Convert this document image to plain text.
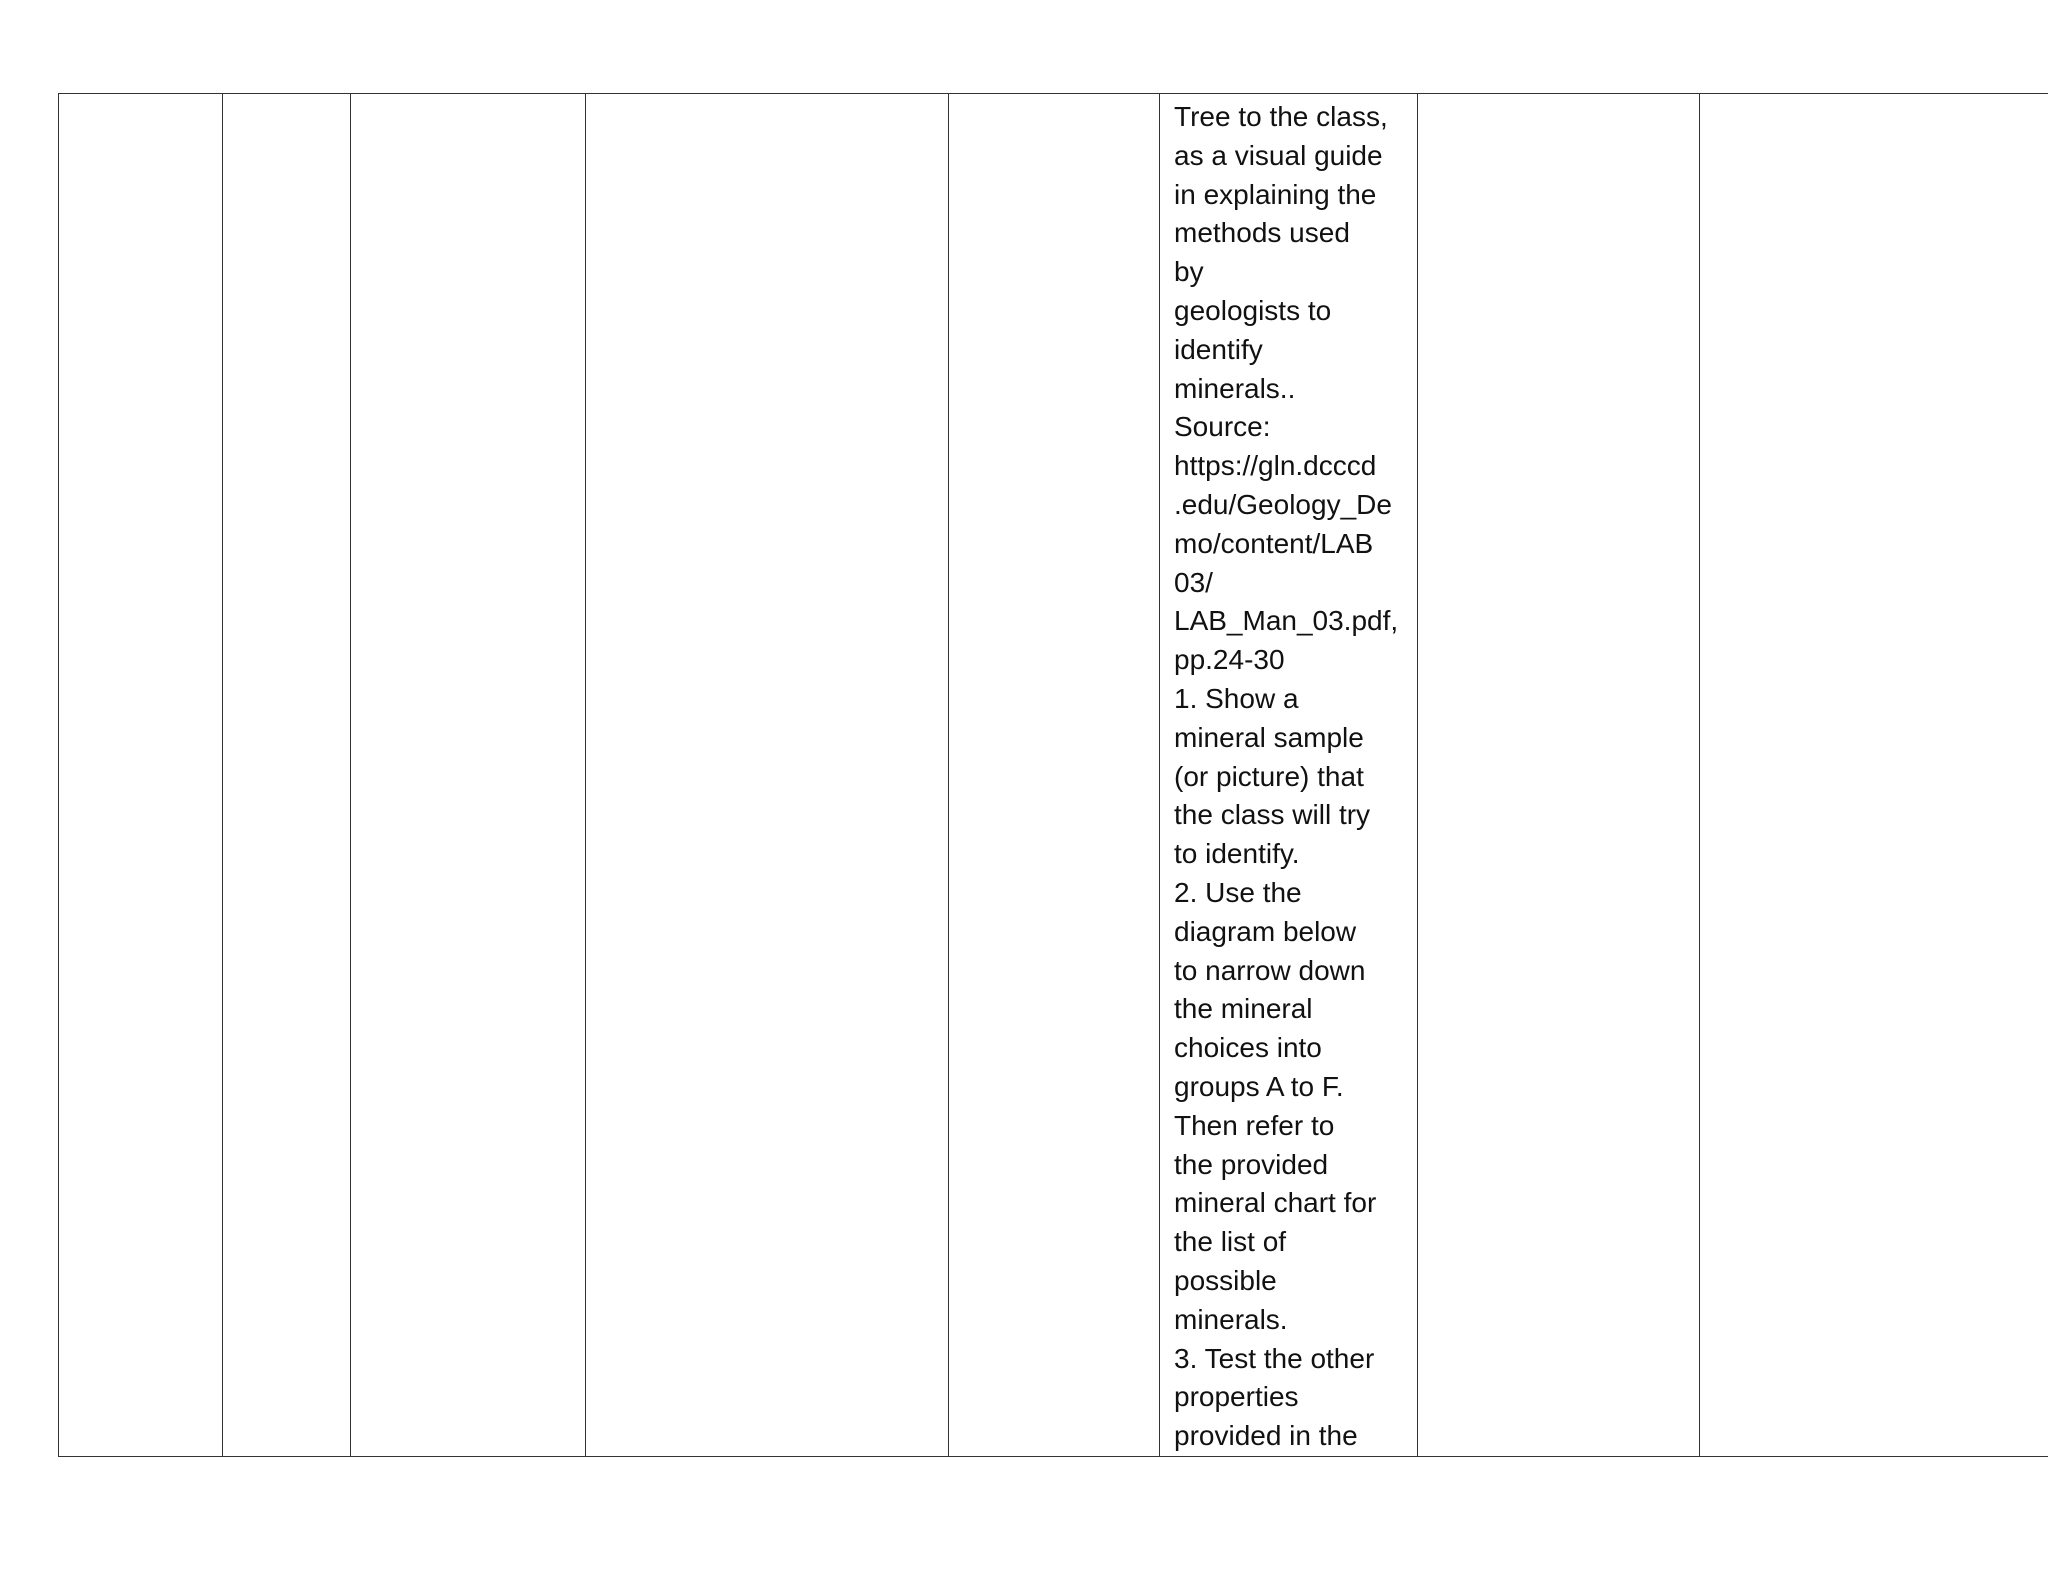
Tree to the class,
as a visual guide
in explaining the
methods used
by
geologists to
identify
minerals..
Source:
https://gln.dcccd
.edu/Geology_De
mo/content/LAB
03/
LAB_Man_03.pdf,
pp.24-30
1. Show a
mineral sample
(or picture) that
the class will try
to identify.
2. Use the
diagram below
to narrow down
the mineral
choices into
groups A to F.
Then refer to
the provided
mineral chart for
the list of
possible
minerals.
3. Test the other
properties
provided in the
